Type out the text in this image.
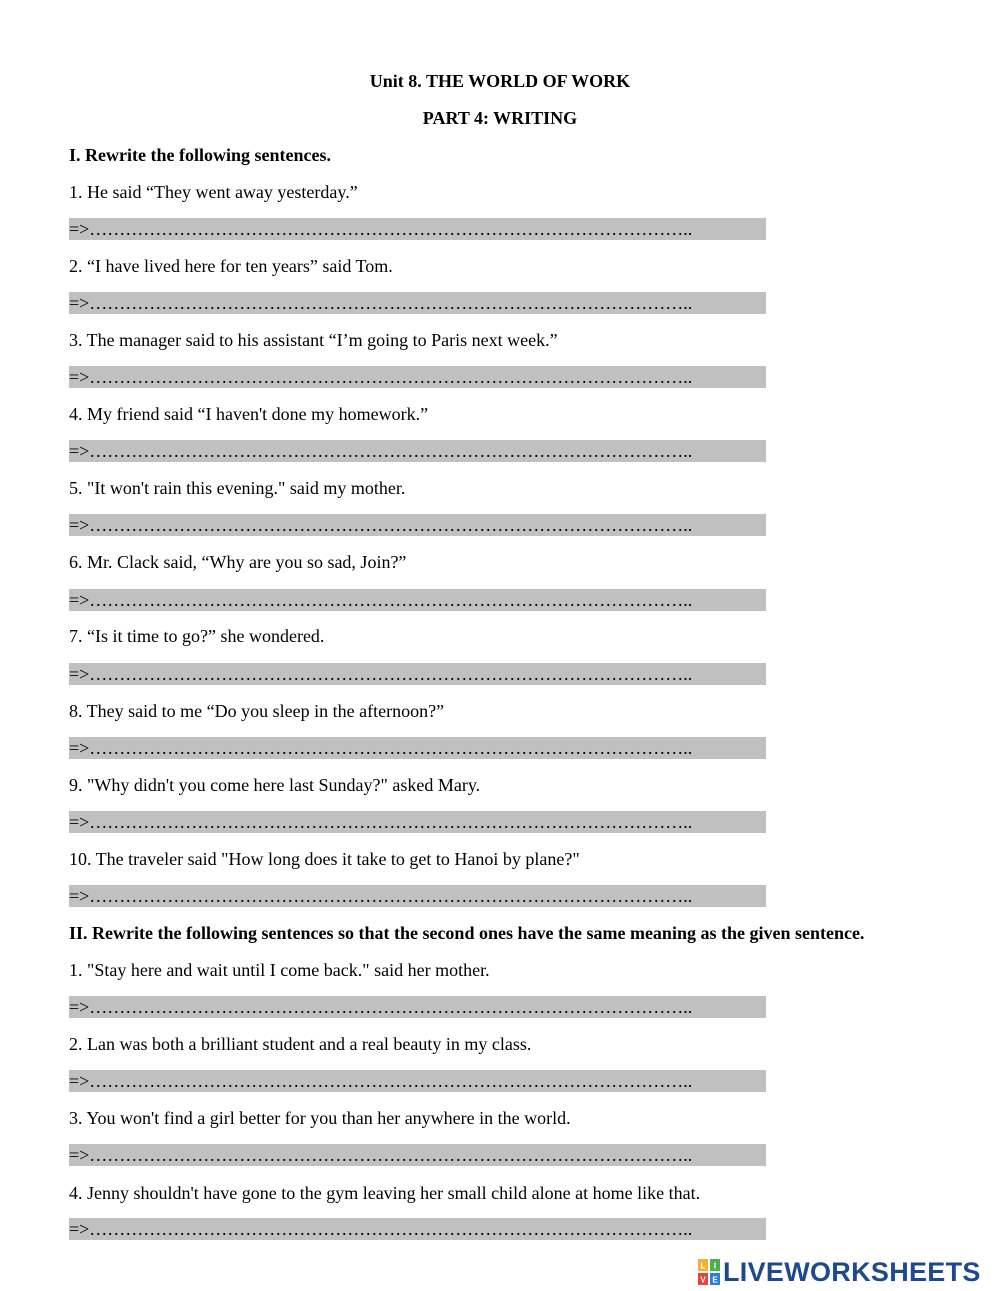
Unit 8. THE WORLD OF WORK
PART 4: WRITING
I. Rewrite the following sentences.

1. He said “They went away yesterday.”

=>………………………………………………………………………………………..

2. “I have lived here for ten years” said Tom.

=>………………………………………………………………………………………..

3. The manager said to his assistant “I’m going to Paris next week.”

=>………………………………………………………………………………………..

4. My friend said “I haven't done my homework.”

=>………………………………………………………………………………………..

5. "It won't rain this evening." said my mother.

=>………………………………………………………………………………………..

6. Mr. Clack said, “Why are you so sad, Join?”

=>………………………………………………………………………………………..

7. “Is it time to go?” she wondered.

=>………………………………………………………………………………………..

8. They said to me “Do you sleep in the afternoon?”

=>………………………………………………………………………………………..

9. "Why didn't you come here last Sunday?" asked Mary.

=>………………………………………………………………………………………..

10. The traveler said "How long does it take to get to Hanoi by plane?"

=>………………………………………………………………………………………..
II. Rewrite the following sentences so that the second ones have the same meaning as the given sentence.

1. "Stay here and wait until I come back." said her mother.

=>………………………………………………………………………………………..

2. Lan was both a brilliant student and a real beauty in my class.

=>………………………………………………………………………………………..

3. You won't find a girl better for you than her anywhere in the world.

=>………………………………………………………………………………………..

4. Jenny shouldn't have gone to the gym leaving her small child alone at home like that.

=>………………………………………………………………………………………..
L I
V E LIVEWORKSHEETS
